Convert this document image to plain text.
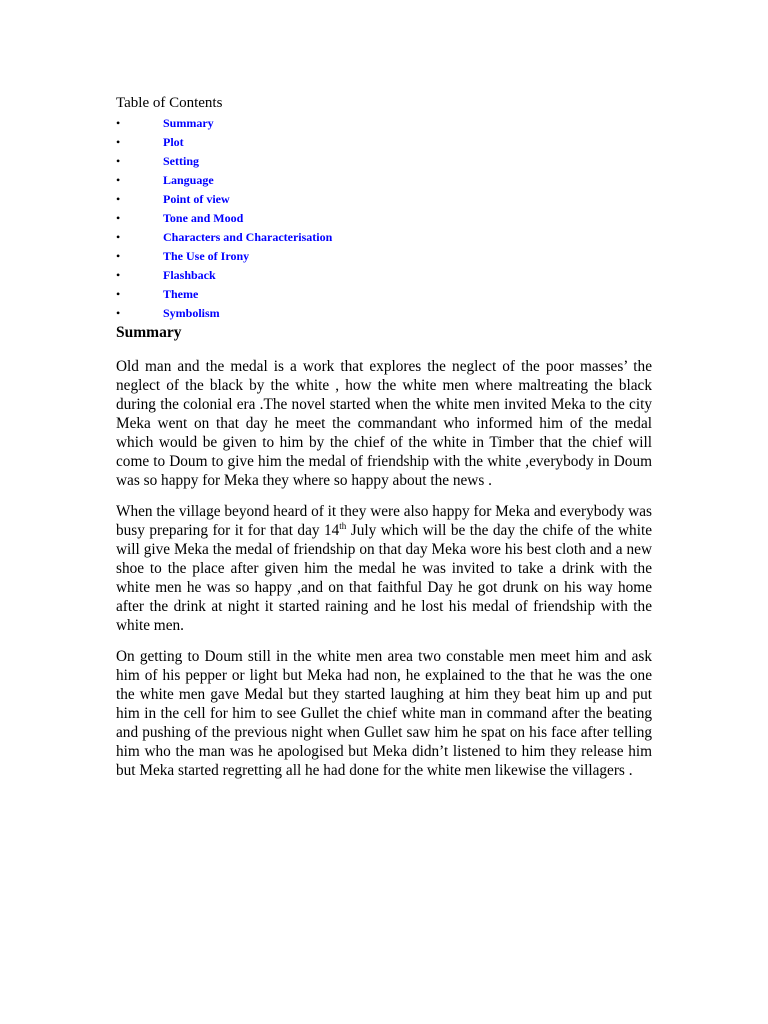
Table of Contents

•	Summary
•	Plot
•	Setting
•	Language
•	Point of view
•	Tone and Mood
•	Characters and Characterisation
•	The Use of Irony
•	Flashback
•	Theme
•	Symbolism
Summary

Old man and the medal is a work that explores the neglect of the poor masses’ the neglect of the black by the white , how the white men where maltreating the black during the colonial era .The novel started when the white men invited Meka to the city Meka went on that day he meet the commandant who informed him of the medal which would be given to him by the chief of the white in Timber that the chief will come to Doum to give him the medal of friendship with the white ,everybody in Doum was so happy for Meka they where so happy about the news .

When the village beyond heard of it they were also happy for Meka and everybody was busy preparing for it for that day 14th July which will be the day the chife of the white will give Meka the medal of friendship on that day Meka wore his best cloth and a new shoe to the place after given him the medal he was invited to take a drink with the white men he was so happy ,and on that faithful Day he got drunk on his way home after the drink at night it started raining and he lost his medal of friendship with the white men.

On getting to Doum still in the white men area two constable men meet him and ask him of his pepper or light but Meka had non, he explained to the that he was the one the white men gave Medal but they started laughing at him they beat him up and put him in the cell for him to see Gullet the chief white man in command after the beating and pushing of the previous night when Gullet saw him he spat on his face after telling him who the man was he apologised but Meka didn’t listened to him they release him but Meka started regretting all he had done for the white men likewise the villagers .
